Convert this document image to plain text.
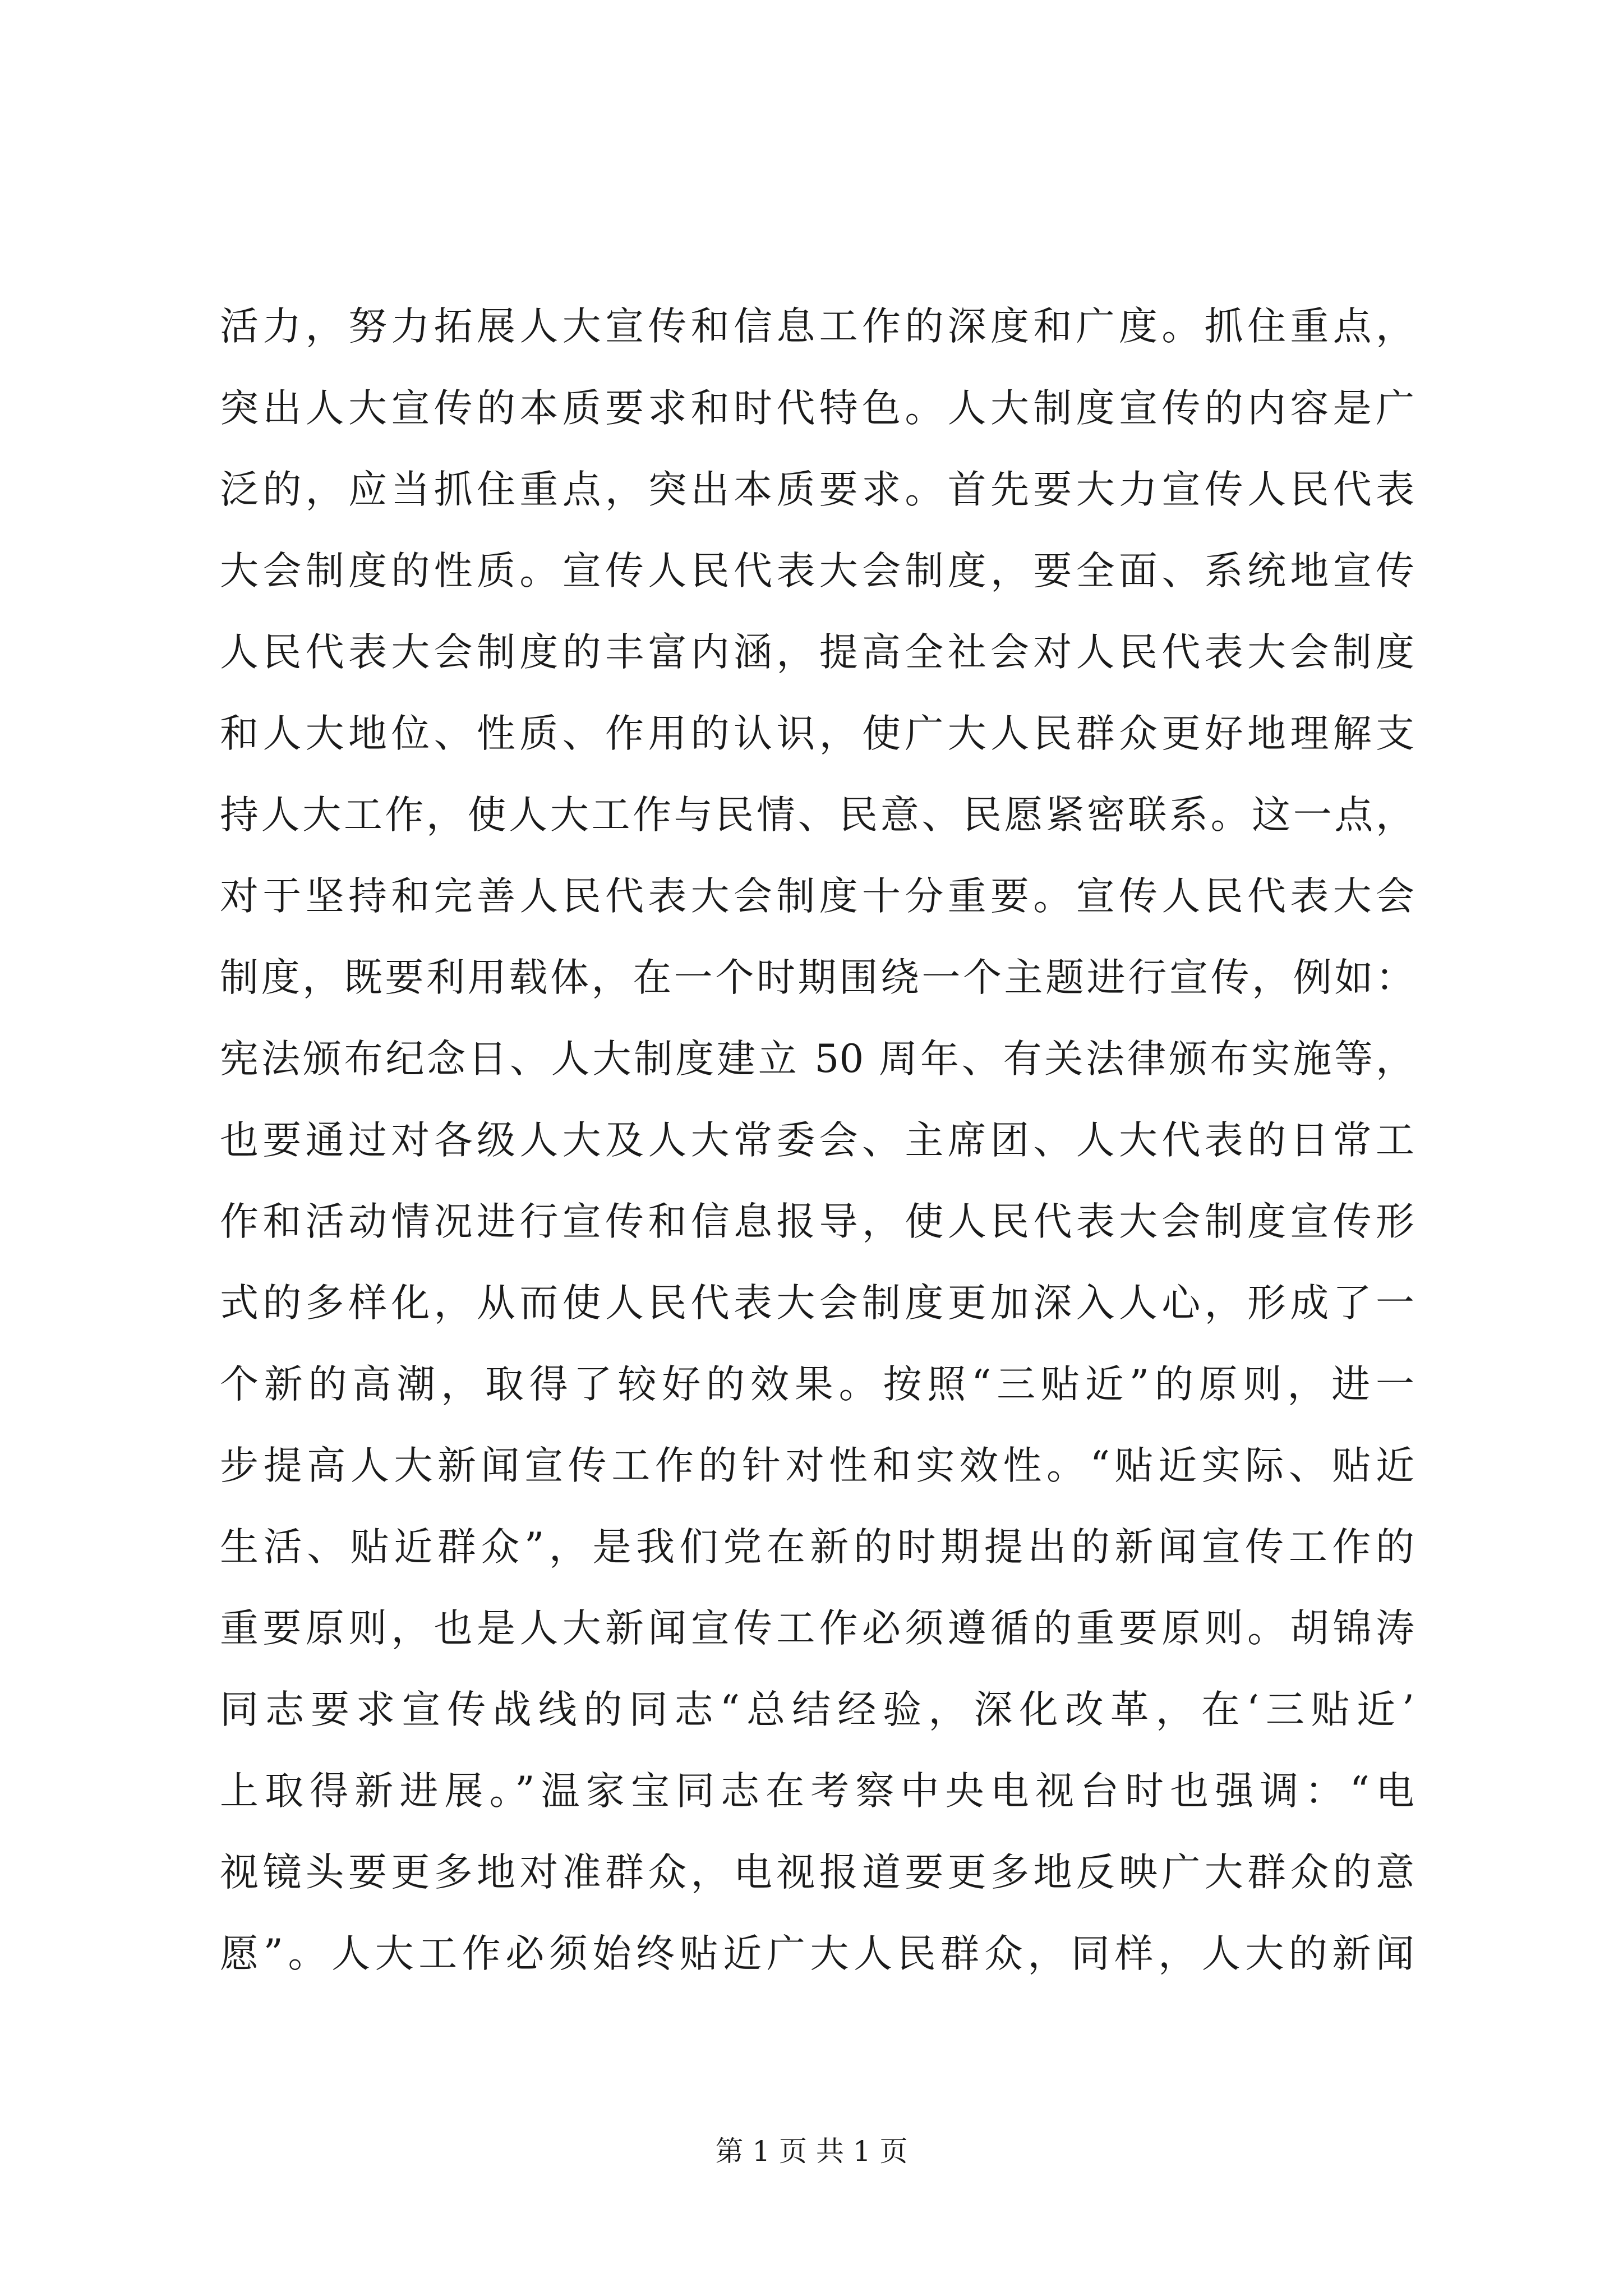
活力，努力拓展人大宣传和信息工作的深度和广度。抓住重点，
突出人大宣传的本质要求和时代特色。人大制度宣传的内容是广
泛的，应当抓住重点，突出本质要求。首先要大力宣传人民代表
大会制度的性质。宣传人民代表大会制度，要全面、系统地宣传
人民代表大会制度的丰富内涵，提高全社会对人民代表大会制度
和人大地位、性质、作用的认识，使广大人民群众更好地理解支
持人大工作，使人大工作与民情、民意、民愿紧密联系。这一点，
对于坚持和完善人民代表大会制度十分重要。宣传人民代表大会
制度，既要利用载体，在一个时期围绕一个主题进行宣传，例如：
宪法颁布纪念日、人大制度建立 50 周年、有关法律颁布实施等，
也要通过对各级人大及人大常委会、主席团、人大代表的日常工
作和活动情况进行宣传和信息报导，使人民代表大会制度宣传形
式的多样化，从而使人民代表大会制度更加深入人心，形成了一
个新的高潮，取得了较好的效果。按照“三贴近”的原则，进一
步提高人大新闻宣传工作的针对性和实效性。“贴近实际、贴近
生活、贴近群众”，是我们党在新的时期提出的新闻宣传工作的
重要原则，也是人大新闻宣传工作必须遵循的重要原则。胡锦涛
同志要求宣传战线的同志“总结经验，深化改革，在‘三贴近’
上取得新进展。”温家宝同志在考察中央电视台时也强调：“电
视镜头要更多地对准群众，电视报道要更多地反映广大群众的意
愿”。人大工作必须始终贴近广大人民群众，同样，人大的新闻
第 1 页 共 1 页
